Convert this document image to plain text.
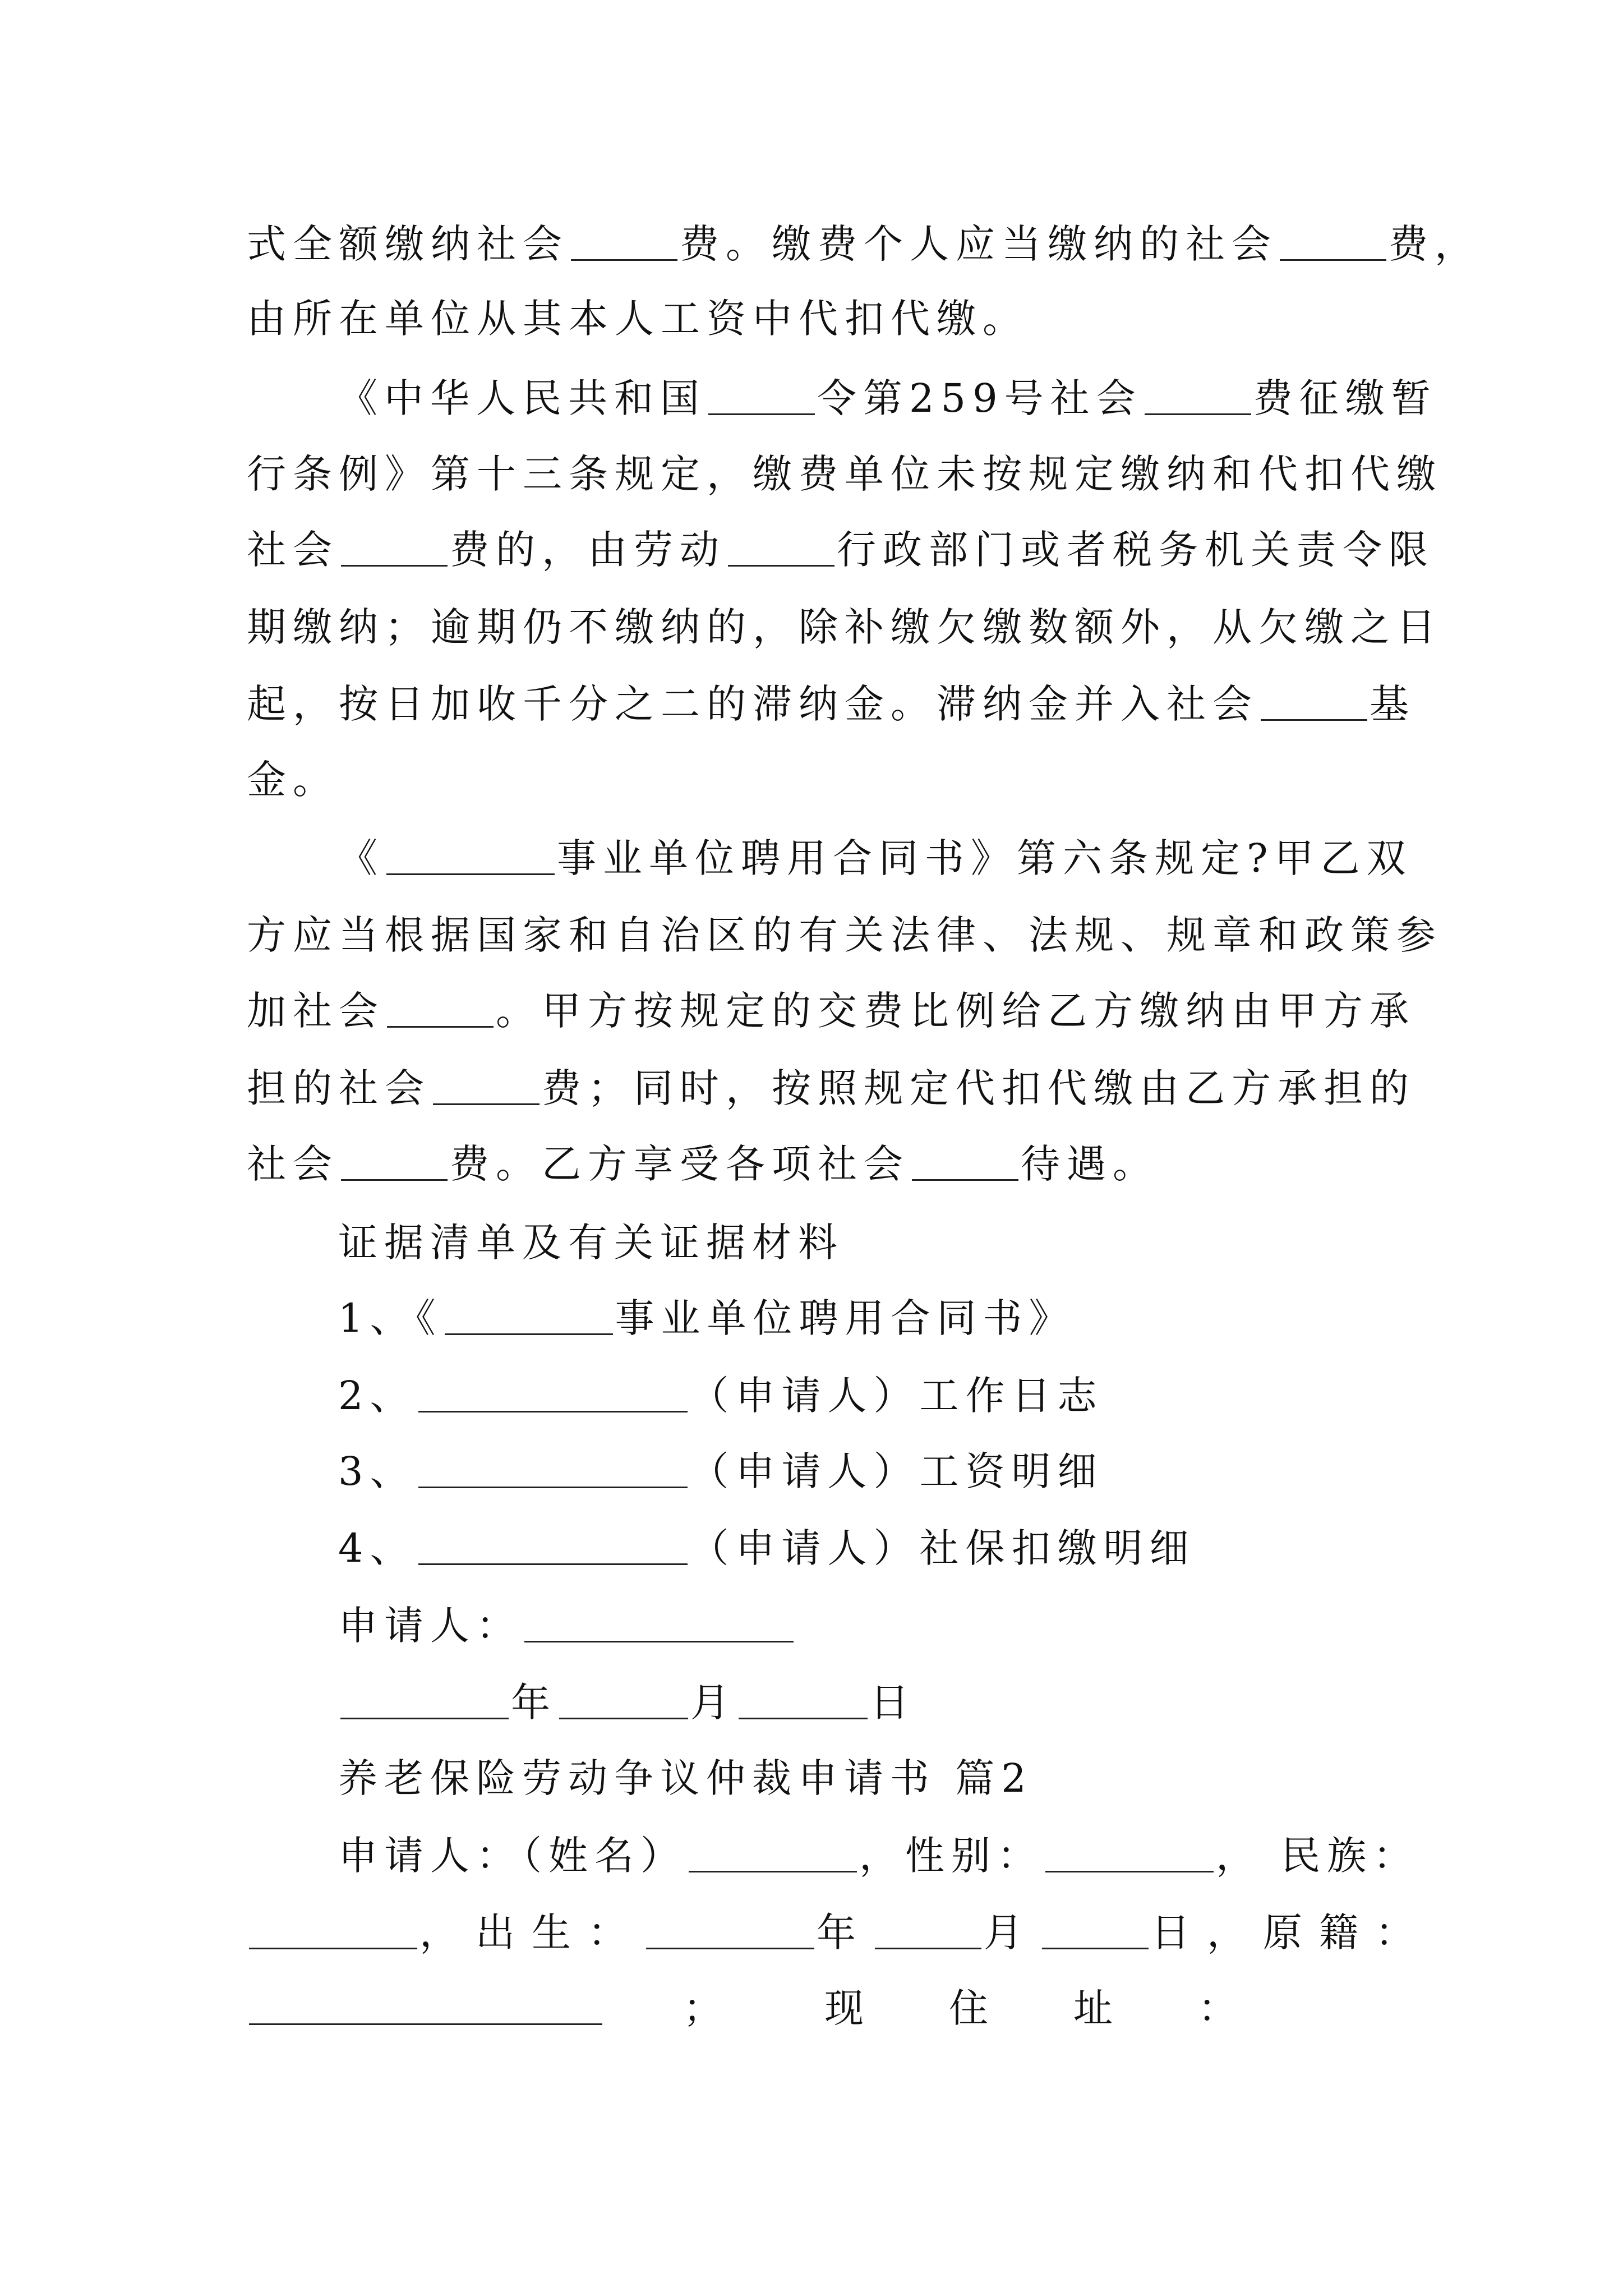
式全额缴纳社会	费。缴费个人应当缴纳的社会	费，
由所在单位从其本人工资中代扣代缴。
《中华人民共和国	令第259号社会	费征缴暂
行条例》第十三条规定，缴费单位未按规定缴纳和代扣代缴
社会	费的，由劳动	行政部门或者税务机关责令限
期缴纳；逾期仍不缴纳的，除补缴欠缴数额外，从欠缴之日
起，按日加收千分之二的滞纳金。滞纳金并入社会	基
金。
《	事业单位聘用合同书》第六条规定?甲乙双
方应当根据国家和自治区的有关法律、法规、规章和政策参
加社会	。甲方按规定的交费比例给乙方缴纳由甲方承
担的社会	费；同时，按照规定代扣代缴由乙方承担的
社会	费。乙方享受各项社会	待遇。
证据清单及有关证据材料
1、《	事业单位聘用合同书》
2、	（申请人）工作日志
3、	（申请人）工资明细
4、	（申请人）社保扣缴明细
申请人：
年	月	日
养老保险劳动争议仲裁申请书 篇2
申请人：（姓名）	，性别：	， 民族：
，出生：	年	月	日，原籍：
； 现 住 址 ：
